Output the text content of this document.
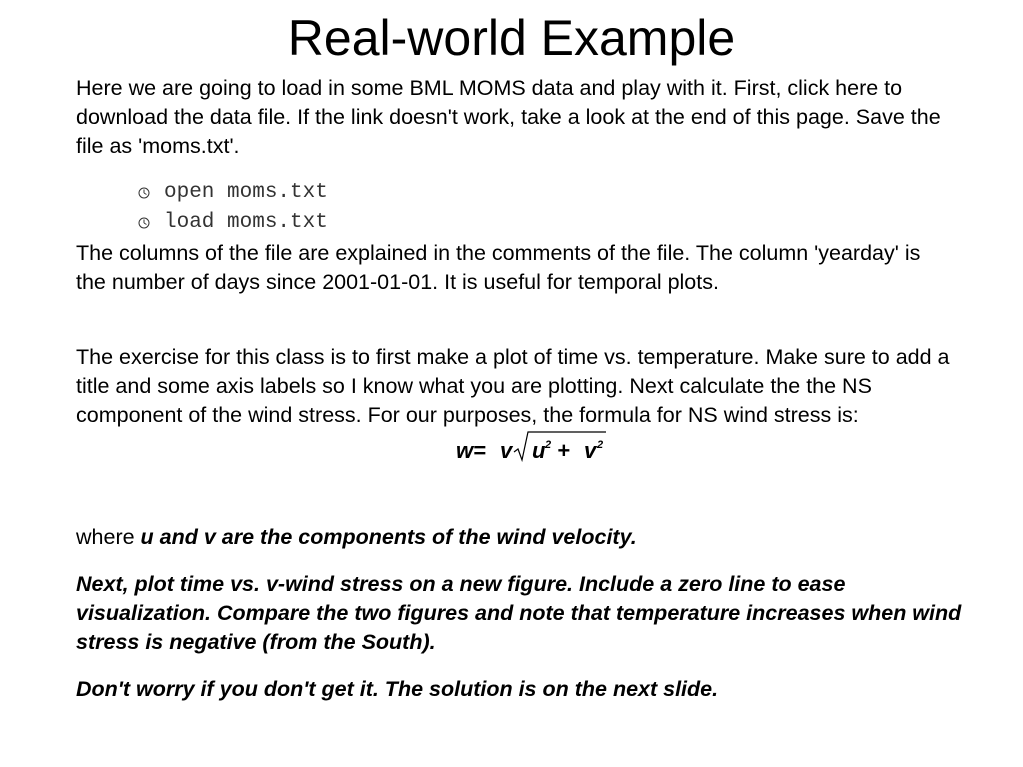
Real-world Example
Here we are going to load in some BML MOMS data and play with it. First, click here to download the data file. If the link doesn't work, take a look at the end of this page. Save the file as 'moms.txt'.
open moms.txt
load moms.txt
The columns of the file are explained in the comments of the file. The column 'yearday' is the number of days since 2001-01-01. It is useful for temporal plots.
The exercise for this class is to first make a plot of time vs. temperature. Make sure to add a title and some axis labels so I know what you are plotting. Next calculate the the NS component of the wind stress. For our purposes, the formula for NS wind stress is:
w = v u 2 + v 2
where u and v are the components of the wind velocity.
Next, plot time vs. v-wind stress on a new figure. Include a zero line to ease visualization. Compare the two figures and note that temperature increases when wind stress is negative (from the South).
Don't worry if you don't get it. The solution is on the next slide.
